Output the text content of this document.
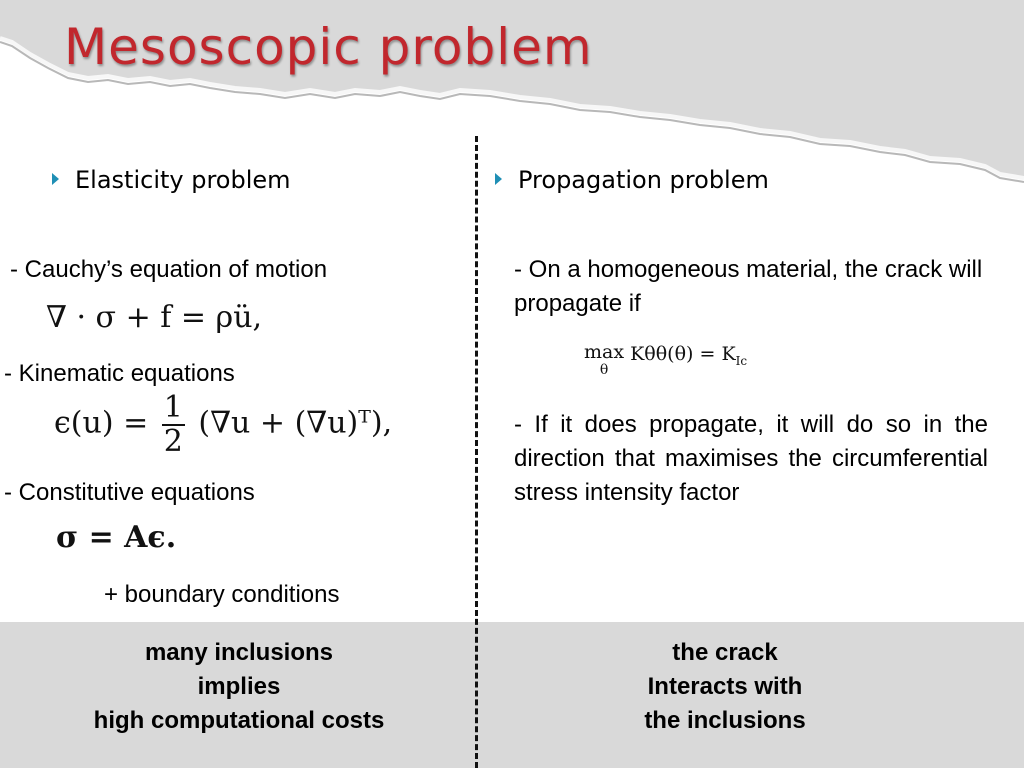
Mesoscopic problem
Elasticity problem
- Cauchy’s equation of motion
∇ · σ + f = ρü,
- Kinematic equations
$\epsilon(u) = \frac{1}{2} (\nabla u$ + (∇u)ᵀ),
- Constitutive equations
σ = Aϵ.
+ boundary conditions
Propagation problem
- On a homogeneous material, the crack will propagate if
max
θ
$K\theta\theta(\theta) = K_{Ic}$
- If it does propagate, it will do so in the direction that maximises the circumferential stress intensity factor
many inclusions
implies
high computational costs
the crack
Interacts with
the inclusions
